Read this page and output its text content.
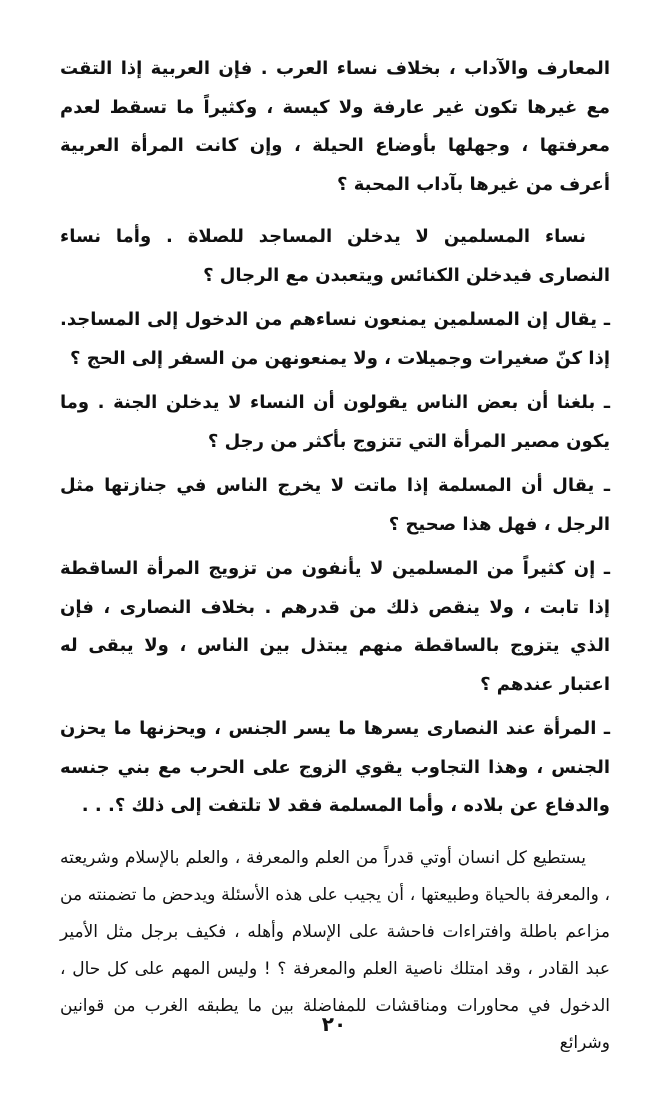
المعارف والآداب ، بخلاف نساء العرب . فإن العربية إذا التقت مع غيرها تكون غير عارفة ولا كيسة ، وكثيراً ما تسقط لعدم معرفتها ، وجهلها بأوضاع الحيلة ، وإن كانت المرأة العربية أعرف من غيرها بآداب المحبة ؟

نساء المسلمين لا يدخلن المساجد للصلاة . وأما نساء النصارى فيدخلن الكنائس ويتعبدن مع الرجال ؟

ـ يقال إن المسلمين يمنعون نساءهم من الدخول إلى المساجد. إذا كنّ صغيرات وجميلات ، ولا يمنعونهن من السفر إلى الحج ؟

ـ بلغنا أن بعض الناس يقولون أن النساء لا يدخلن الجنة . وما يكون مصير المرأة التي تتزوج بأكثر من رجل ؟

ـ يقال أن المسلمة إذا ماتت لا يخرج الناس في جنازتها مثل الرجل ، فهل هذا صحيح ؟

ـ إن كثيراً من المسلمين لا يأنفون من تزويج المرأة الساقطة إذا تابت ، ولا ينقص ذلك من قدرهم . بخلاف النصارى ، فإن الذي يتزوج بالساقطة منهم يبتذل بين الناس ، ولا يبقى له اعتبار عندهم ؟

ـ المرأة عند النصارى يسرها ما يسر الجنس ، ويحزنها ما يحزن الجنس ، وهذا التجاوب يقوي الزوج على الحرب مع بني جنسه والدفاع عن بلاده ، وأما المسلمة فقد لا تلتفت إلى ذلك ؟. . .

يستطيع كل انسان أوتي قدراً من العلم والمعرفة ، والعلم بالإسلام وشريعته ، والمعرفة بالحياة وطبيعتها ، أن يجيب على هذه الأسئلة ويدحض ما تضمنته من مزاعم باطلة وافتراءات فاحشة على الإسلام وأهله ، فكيف برجل مثل الأمير عبد القادر ، وقد امتلك ناصية العلم والمعرفة ؟ ! وليس المهم على كل حال ، الدخول في محاورات ومناقشات للمفاضلة بين ما يطبقه الغرب من قوانين وشرائع

٢٠
